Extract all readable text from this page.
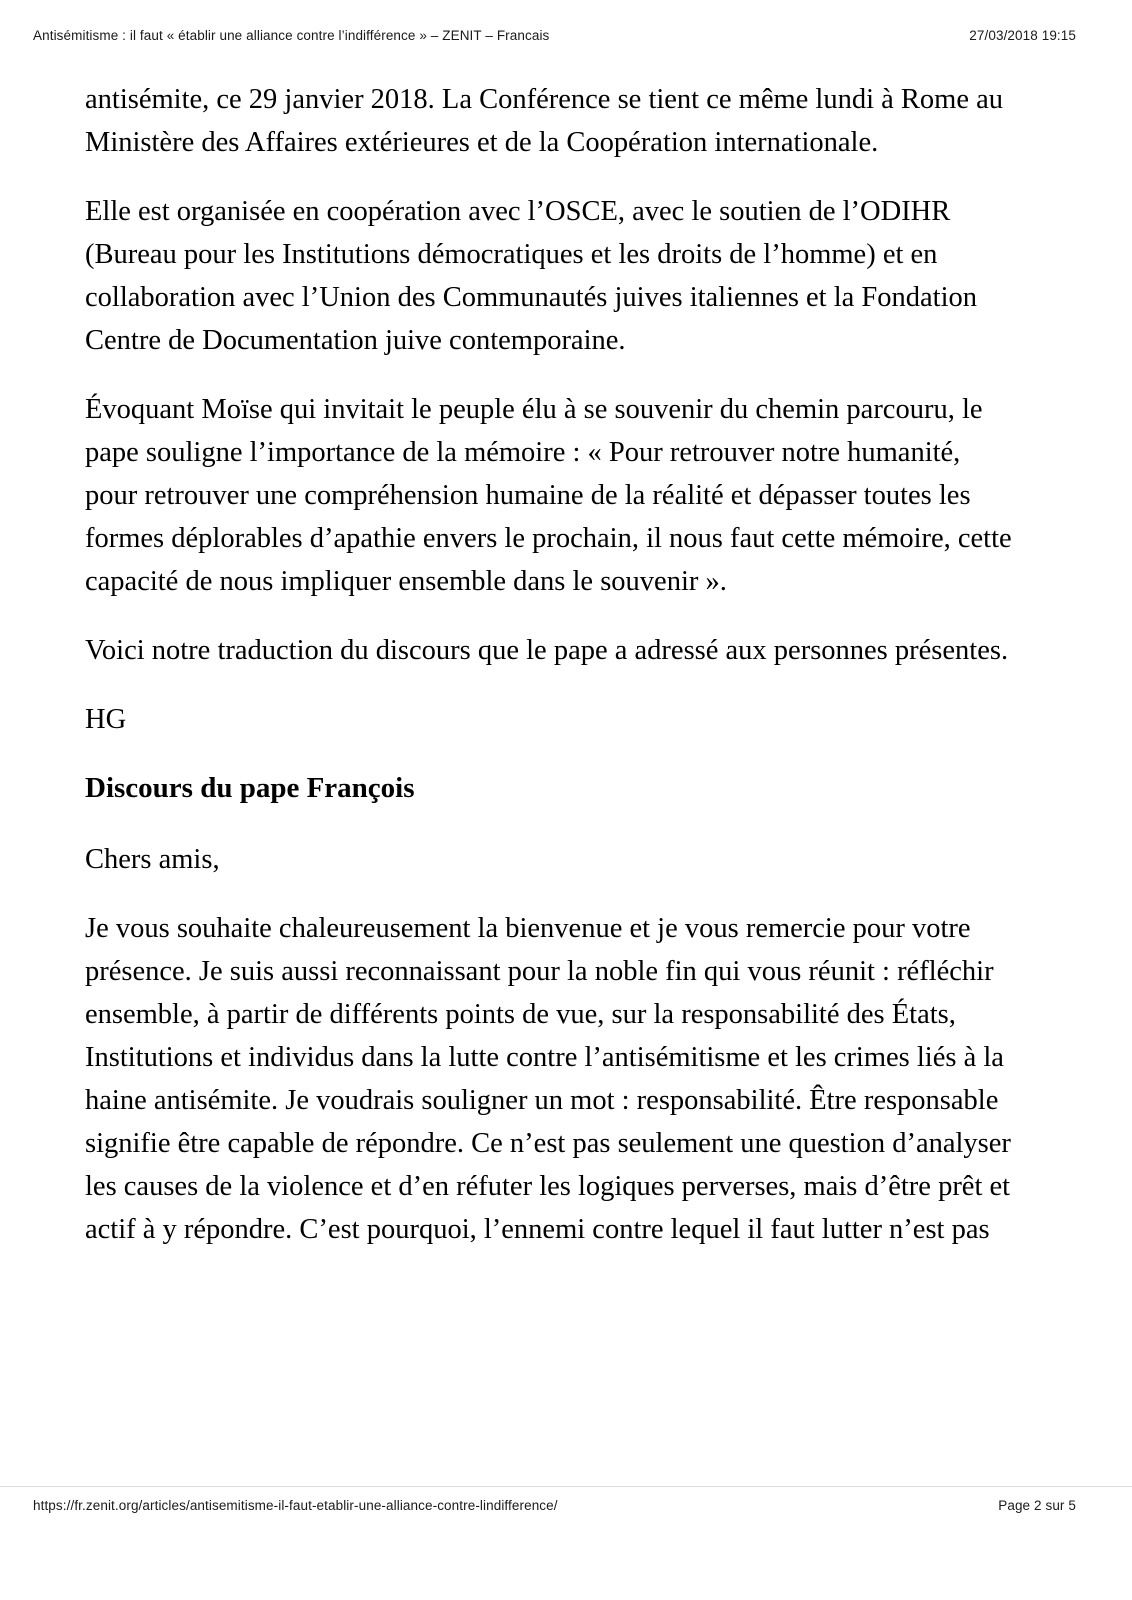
Antisémitisme : il faut « établir une alliance contre l’indifférence » – ZENIT – Francais	27/03/2018 19:15

antisémite, ce 29 janvier 2018. La Conférence se tient ce même lundi à Rome au Ministère des Affaires extérieures et de la Coopération internationale.

Elle est organisée en coopération avec l’OSCE, avec le soutien de l’ODIHR (Bureau pour les Institutions démocratiques et les droits de l’homme) et en collaboration avec l’Union des Communautés juives italiennes et la Fondation Centre de Documentation juive contemporaine.

Évoquant Moïse qui invitait le peuple élu à se souvenir du chemin parcouru, le pape souligne l’importance de la mémoire : « Pour retrouver notre humanité, pour retrouver une compréhension humaine de la réalité et dépasser toutes les formes déplorables d’apathie envers le prochain, il nous faut cette mémoire, cette capacité de nous impliquer ensemble dans le souvenir ».

Voici notre traduction du discours que le pape a adressé aux personnes présentes.

HG

Discours du pape François

Chers amis,

Je vous souhaite chaleureusement la bienvenue et je vous remercie pour votre présence. Je suis aussi reconnaissant pour la noble fin qui vous réunit : réfléchir ensemble, à partir de différents points de vue, sur la responsabilité des États, Institutions et individus dans la lutte contre l’antisémitisme et les crimes liés à la haine antisémite. Je voudrais souligner un mot : responsabilité. Être responsable signifie être capable de répondre. Ce n’est pas seulement une question d’analyser les causes de la violence et d’en réfuter les logiques perverses, mais d’être prêt et actif à y répondre. C’est pourquoi, l’ennemi contre lequel il faut lutter n’est pas

https://fr.zenit.org/articles/antisemitisme-il-faut-etablir-une-alliance-contre-lindifference/	Page 2 sur 5
